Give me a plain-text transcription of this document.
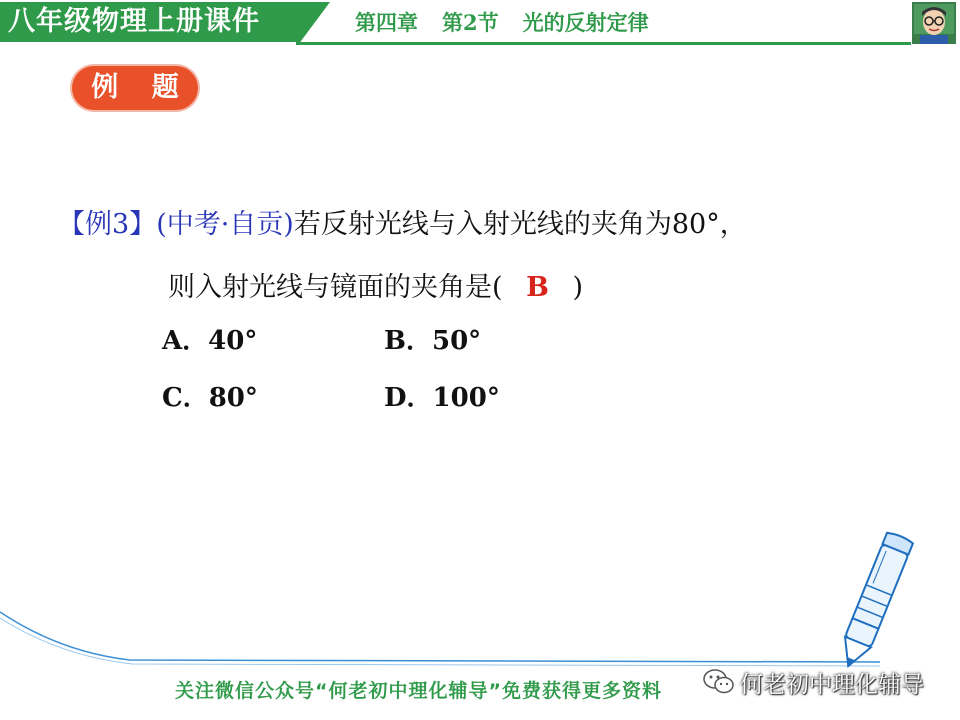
八年级物理上册课件	第四章 第2节 光的反射定律
例 题
【例3】(中考·自贡)若反射光线与入射光线的夹角为80°，
则入射光线与镜面的夹角是( B )
A．40°	B．50°
C．80°	D．100°
关注微信公众号“何老初中理化辅导”免费获得更多资料	何老初中理化辅导
